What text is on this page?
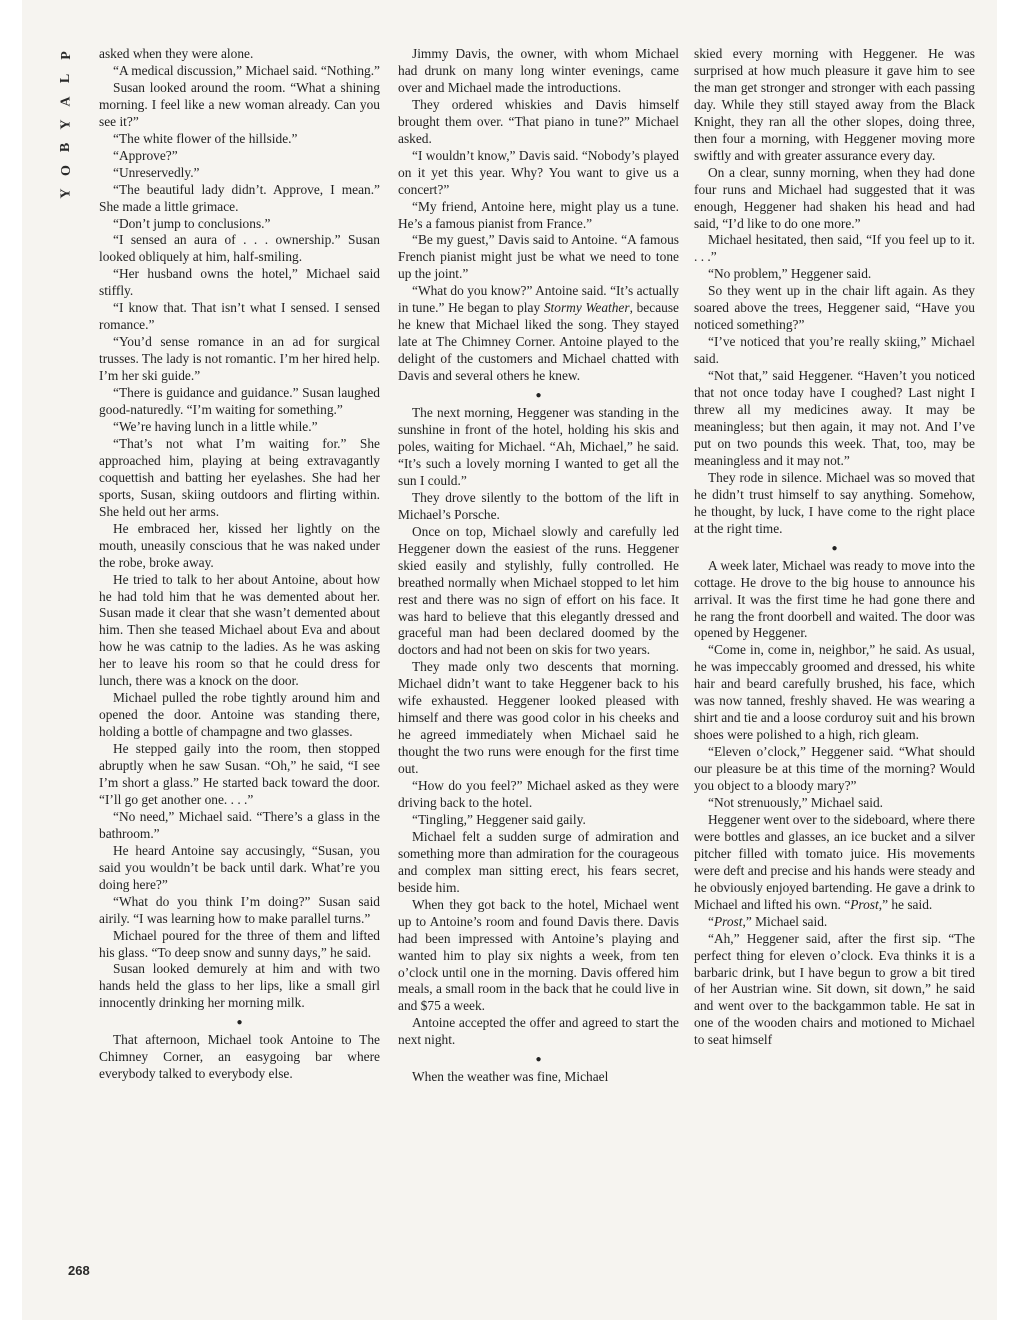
P
L
A
Y
B
O
Y

asked when they were alone.

“A medical discussion,” Michael said. “Nothing.”

Susan looked around the room. “What a shining morning. I feel like a new woman already. Can you see it?”

“The white flower of the hillside.”

“Approve?”

“Unreservedly.”

“The beautiful lady didn’t. Approve, I mean.” She made a little grimace.

“Don’t jump to conclusions.”

“I sensed an aura of . . . ownership.” Susan looked obliquely at him, half-smiling.

“Her husband owns the hotel,” Michael said stiffly.

“I know that. That isn’t what I sensed. I sensed romance.”

“You’d sense romance in an ad for surgical trusses. The lady is not romantic. I’m her hired help. I’m her ski guide.”

“There is guidance and guidance.” Susan laughed good-naturedly. “I’m waiting for something.”

“We’re having lunch in a little while.”

“That’s not what I’m waiting for.” She approached him, playing at being extravagantly coquettish and batting her eyelashes. She had her sports, Susan, skiing outdoors and flirting within. She held out her arms.

He embraced her, kissed her lightly on the mouth, uneasily conscious that he was naked under the robe, broke away.

He tried to talk to her about Antoine, about how he had told him that he was demented about her. Susan made it clear that she wasn’t demented about him. Then she teased Michael about Eva and about how he was catnip to the ladies. As he was asking her to leave his room so that he could dress for lunch, there was a knock on the door.

Michael pulled the robe tightly around him and opened the door. Antoine was standing there, holding a bottle of champagne and two glasses.

He stepped gaily into the room, then stopped abruptly when he saw Susan. “Oh,” he said, “I see I’m short a glass.” He started back toward the door. “I’ll go get another one. . . .”

“No need,” Michael said. “There’s a glass in the bathroom.”

He heard Antoine say accusingly, “Susan, you said you wouldn’t be back until dark. What’re you doing here?”

“What do you think I’m doing?” Susan said airily. “I was learning how to make parallel turns.”

Michael poured for the three of them and lifted his glass. “To deep snow and sunny days,” he said.

Susan looked demurely at him and with two hands held the glass to her lips, like a small girl innocently drinking her morning milk.

●

That afternoon, Michael took Antoine to The Chimney Corner, an easygoing bar where everybody talked to everybody else.

Jimmy Davis, the owner, with whom Michael had drunk on many long winter evenings, came over and Michael made the introductions.

They ordered whiskies and Davis himself brought them over. “That piano in tune?” Michael asked.

“I wouldn’t know,” Davis said. “Nobody’s played on it yet this year. Why? You want to give us a concert?”

“My friend, Antoine here, might play us a tune. He’s a famous pianist from France.”

“Be my guest,” Davis said to Antoine. “A famous French pianist might just be what we need to tone up the joint.”

“What do you know?” Antoine said. “It’s actually in tune.” He began to play Stormy Weather, because he knew that Michael liked the song. They stayed late at The Chimney Corner. Antoine played to the delight of the customers and Michael chatted with Davis and several others he knew.

●

The next morning, Heggener was standing in the sunshine in front of the hotel, holding his skis and poles, waiting for Michael. “Ah, Michael,” he said. “It’s such a lovely morning I wanted to get all the sun I could.”

They drove silently to the bottom of the lift in Michael’s Porsche.

Once on top, Michael slowly and carefully led Heggener down the easiest of the runs. Heggener skied easily and stylishly, fully controlled. He breathed normally when Michael stopped to let him rest and there was no sign of effort on his face. It was hard to believe that this elegantly dressed and graceful man had been declared doomed by the doctors and had not been on skis for two years.

They made only two descents that morning. Michael didn’t want to take Heggener back to his wife exhausted. Heggener looked pleased with himself and there was good color in his cheeks and he agreed immediately when Michael said he thought the two runs were enough for the first time out.

“How do you feel?” Michael asked as they were driving back to the hotel.

“Tingling,” Heggener said gaily.

Michael felt a sudden surge of admiration and something more than admiration for the courageous and complex man sitting erect, his fears secret, beside him.

When they got back to the hotel, Michael went up to Antoine’s room and found Davis there. Davis had been impressed with Antoine’s playing and wanted him to play six nights a week, from ten o’clock until one in the morning. Davis offered him meals, a small room in the back that he could live in and $75 a week.

Antoine accepted the offer and agreed to start the next night.

●

When the weather was fine, Michael

skied every morning with Heggener. He was surprised at how much pleasure it gave him to see the man get stronger and stronger with each passing day. While they still stayed away from the Black Knight, they ran all the other slopes, doing three, then four a morning, with Heggener moving more swiftly and with greater assurance every day.

On a clear, sunny morning, when they had done four runs and Michael had suggested that it was enough, Heggener had shaken his head and had said, “I’d like to do one more.”

Michael hesitated, then said, “If you feel up to it. . . .”

“No problem,” Heggener said.

So they went up in the chair lift again. As they soared above the trees, Heggener said, “Have you noticed something?”

“I’ve noticed that you’re really skiing,” Michael said.

“Not that,” said Heggener. “Haven’t you noticed that not once today have I coughed? Last night I threw all my medicines away. It may be meaningless; but then again, it may not. And I’ve put on two pounds this week. That, too, may be meaningless and it may not.”

They rode in silence. Michael was so moved that he didn’t trust himself to say anything. Somehow, he thought, by luck, I have come to the right place at the right time.

●

A week later, Michael was ready to move into the cottage. He drove to the big house to announce his arrival. It was the first time he had gone there and he rang the front doorbell and waited. The door was opened by Heggener.

“Come in, come in, neighbor,” he said. As usual, he was impeccably groomed and dressed, his white hair and beard carefully brushed, his face, which was now tanned, freshly shaved. He was wearing a shirt and tie and a loose corduroy suit and his brown shoes were polished to a high, rich gleam.

“Eleven o’clock,” Heggener said. “What should our pleasure be at this time of the morning? Would you object to a bloody mary?”

“Not strenuously,” Michael said.

Heggener went over to the sideboard, where there were bottles and glasses, an ice bucket and a silver pitcher filled with tomato juice. His movements were deft and precise and his hands were steady and he obviously enjoyed bartending. He gave a drink to Michael and lifted his own. “Prost,” he said.

“Prost,” Michael said.

“Ah,” Heggener said, after the first sip. “The perfect thing for eleven o’clock. Eva thinks it is a barbaric drink, but I have begun to grow a bit tired of her Austrian wine. Sit down, sit down,” he said and went over to the backgammon table. He sat in one of the wooden chairs and motioned to Michael to seat himself

268
